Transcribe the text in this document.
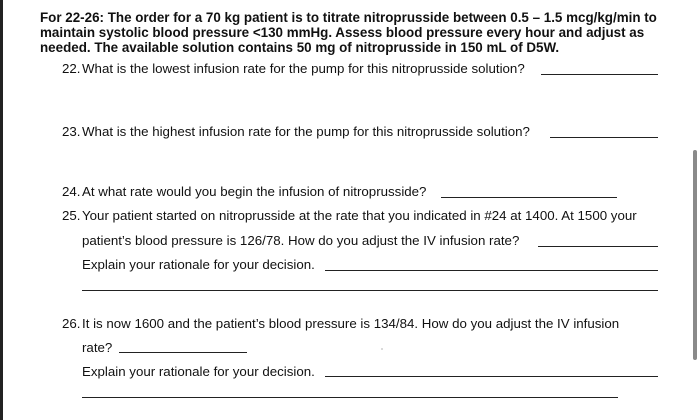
For 22-26: The order for a 70 kg patient is to titrate nitroprusside between 0.5 – 1.5 mcg/kg/min to maintain systolic blood pressure <130 mmHg. Assess blood pressure every hour and adjust as needed. The available solution contains 50 mg of nitroprusside in 150 mL of D5W.
22. What is the lowest infusion rate for the pump for this nitroprusside solution?
23. What is the highest infusion rate for the pump for this nitroprusside solution?
24. At what rate would you begin the infusion of nitroprusside?
25. Your patient started on nitroprusside at the rate that you indicated in #24 at 1400. At 1500 your
patient’s blood pressure is 126/78. How do you adjust the IV infusion rate?
Explain your rationale for your decision.
26. It is now 1600 and the patient’s blood pressure is 134/84. How do you adjust the IV infusion
rate?
Explain your rationale for your decision.
